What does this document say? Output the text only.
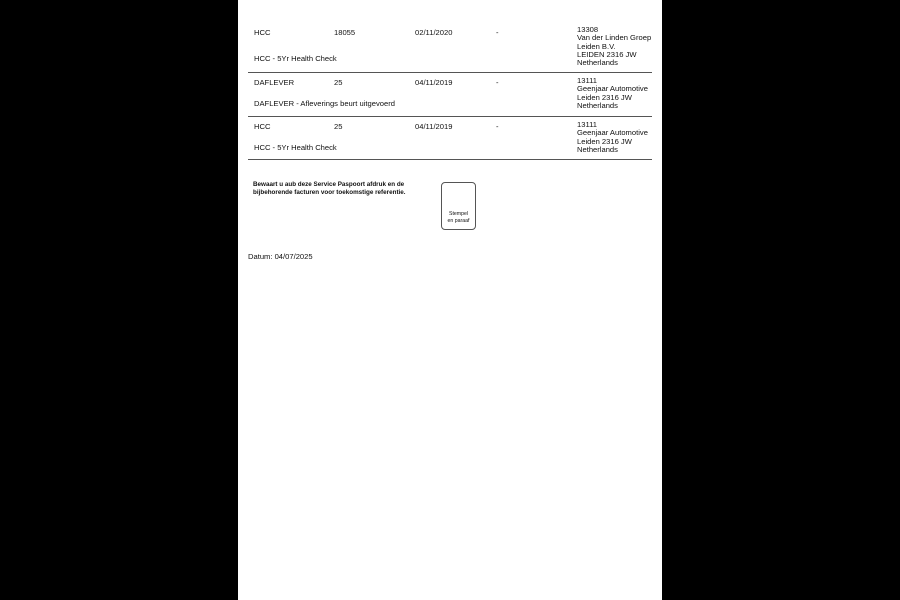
HCC	18055	02/11/2020	-	13308
Van der Linden Groep
Leiden B.V.
LEIDEN 2316 JW
Netherlands
HCC - 5Yr Health Check
DAFLEVER	25	04/11/2019	-	13111
Geenjaar Automotive
Leiden 2316 JW
Netherlands
DAFLEVER - Afleverings beurt uitgevoerd
HCC	25	04/11/2019	-	13111
Geenjaar Automotive
Leiden 2316 JW
Netherlands
HCC - 5Yr Health Check
Bewaart u aub deze Service Paspoort afdruk en de
bijbehorende facturen voor toekomstige referentie.
Stempel
en paraaf
Datum: 04/07/2025
